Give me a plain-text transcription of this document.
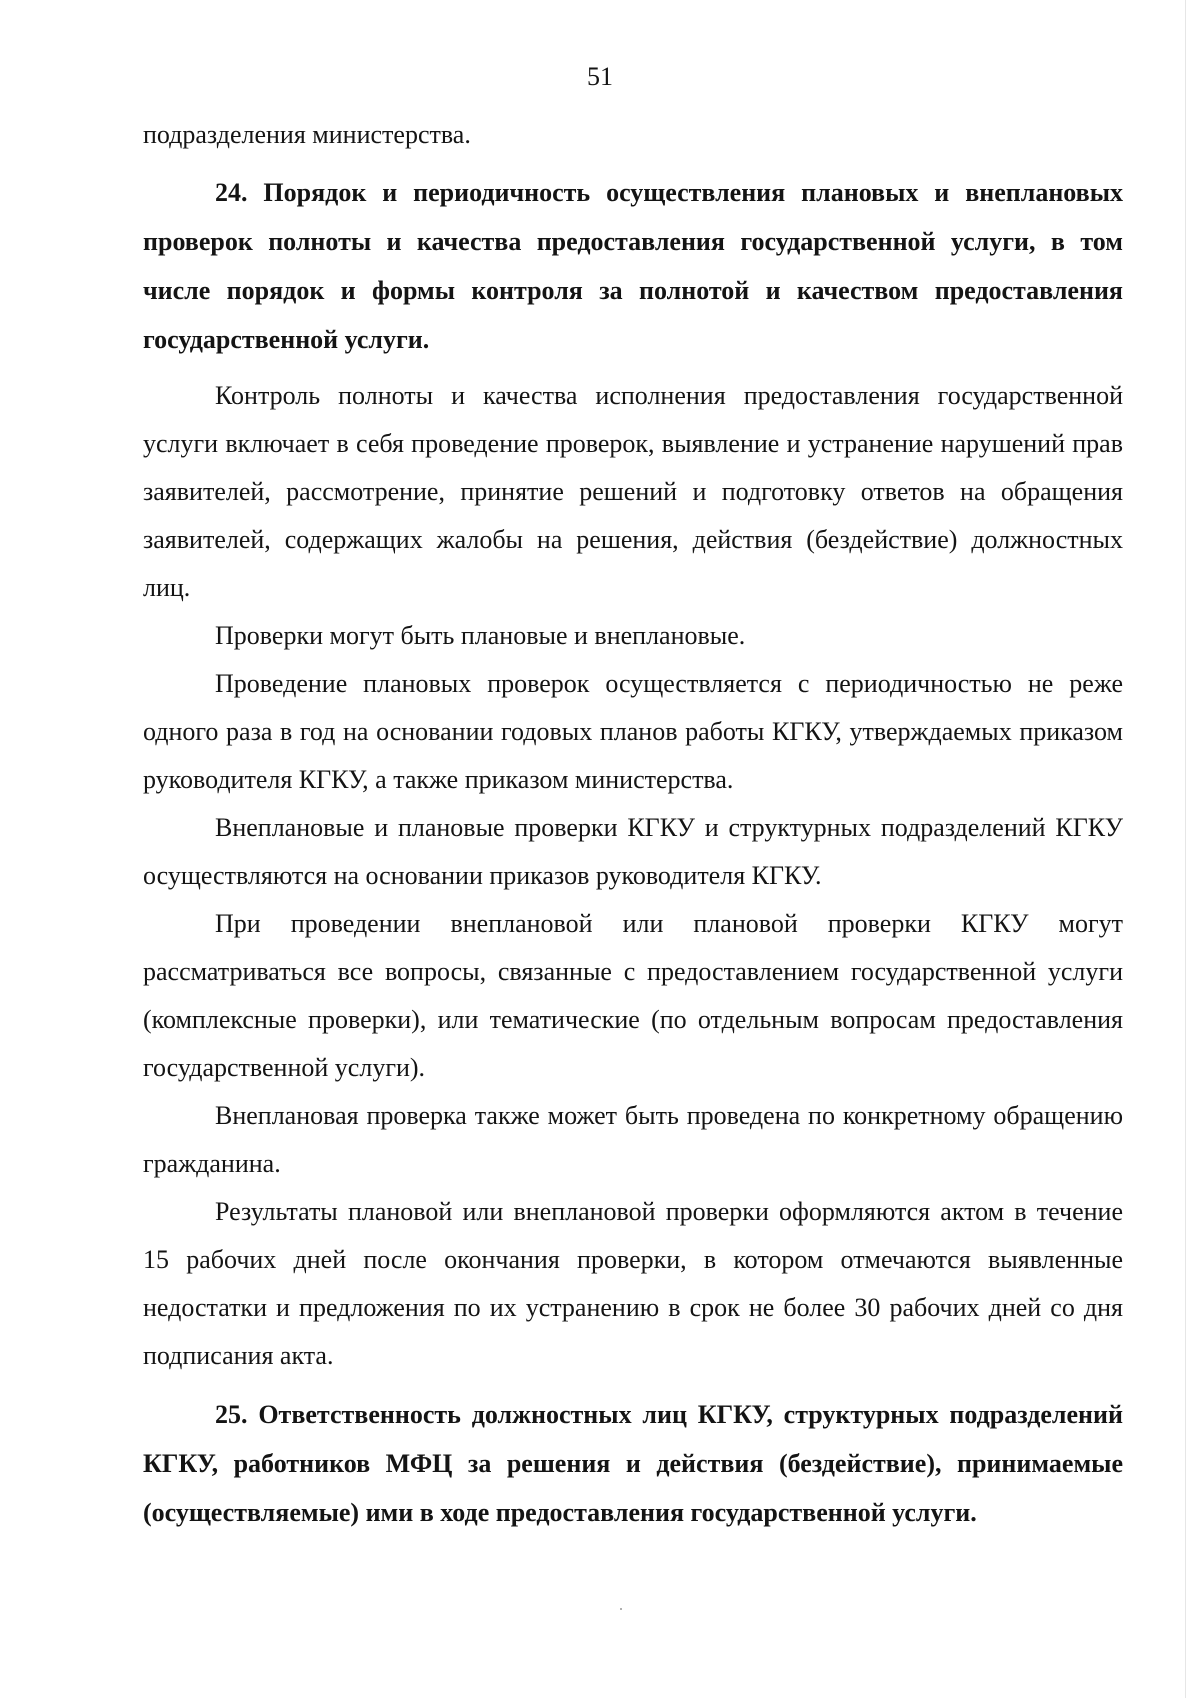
51

подразделения министерства.

24. Порядок и периодичность осуществления плановых и внеплановых проверок полноты и качества предоставления государственной услуги, в том числе порядок и формы контроля за полнотой и качеством предоставления государственной услуги.

Контроль полноты и качества исполнения предоставления государственной услуги включает в себя проведение проверок, выявление и устранение нарушений прав заявителей, рассмотрение, принятие решений и подготовку ответов на обращения заявителей, содержащих жалобы на решения, действия (бездействие) должностных лиц.

Проверки могут быть плановые и внеплановые.

Проведение плановых проверок осуществляется с периодичностью не реже одного раза в год на основании годовых планов работы КГКУ, утверждаемых приказом руководителя КГКУ, а также приказом министерства.

Внеплановые и плановые проверки КГКУ и структурных подразделений КГКУ осуществляются на основании приказов руководителя КГКУ.

При проведении внеплановой или плановой проверки КГКУ могут рассматриваться все вопросы, связанные с предоставлением государственной услуги (комплексные проверки), или тематические (по отдельным вопросам предоставления государственной услуги).

Внеплановая проверка также может быть проведена по конкретному обращению гражданина.

Результаты плановой или внеплановой проверки оформляются актом в течение 15 рабочих дней после окончания проверки, в котором отмечаются выявленные недостатки и предложения по их устранению в срок не более 30 рабочих дней со дня подписания акта.

25. Ответственность должностных лиц КГКУ, структурных подразделений КГКУ, работников МФЦ за решения и действия (бездействие), принимаемые (осуществляемые) ими в ходе предоставления государственной услуги.
